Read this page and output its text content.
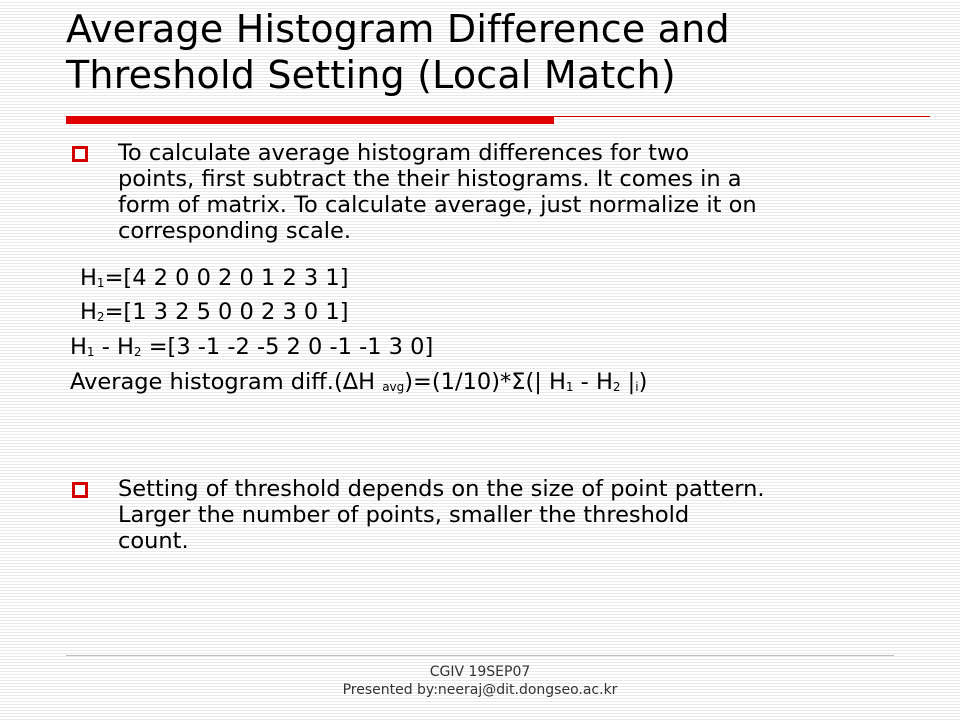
Average Histogram Difference and
Threshold Setting (Local Match)
To calculate average histogram differences for two
points, first subtract the their histograms. It comes in a
form of matrix. To calculate average, just normalize it on
corresponding scale.
$H_1=[4$ 2 0 0 2 0 1 2 3 1]
$H_2=[1$ 3 2 5 0 0 2 3 0 1]
$H_1 - H_2 =[3$ -1 -2 -5 2 0 -1 -1 3 0]
Average histogram diff.(ΔH $_{avg}$)=(1/10)*Σ(| $H_1 - H_2$ $|_i$)
Setting of threshold depends on the size of point pattern.
Larger the number of points, smaller the threshold
count.
CGIV 19SEP07
Presented by:neeraj@dit.dongseo.ac.kr
